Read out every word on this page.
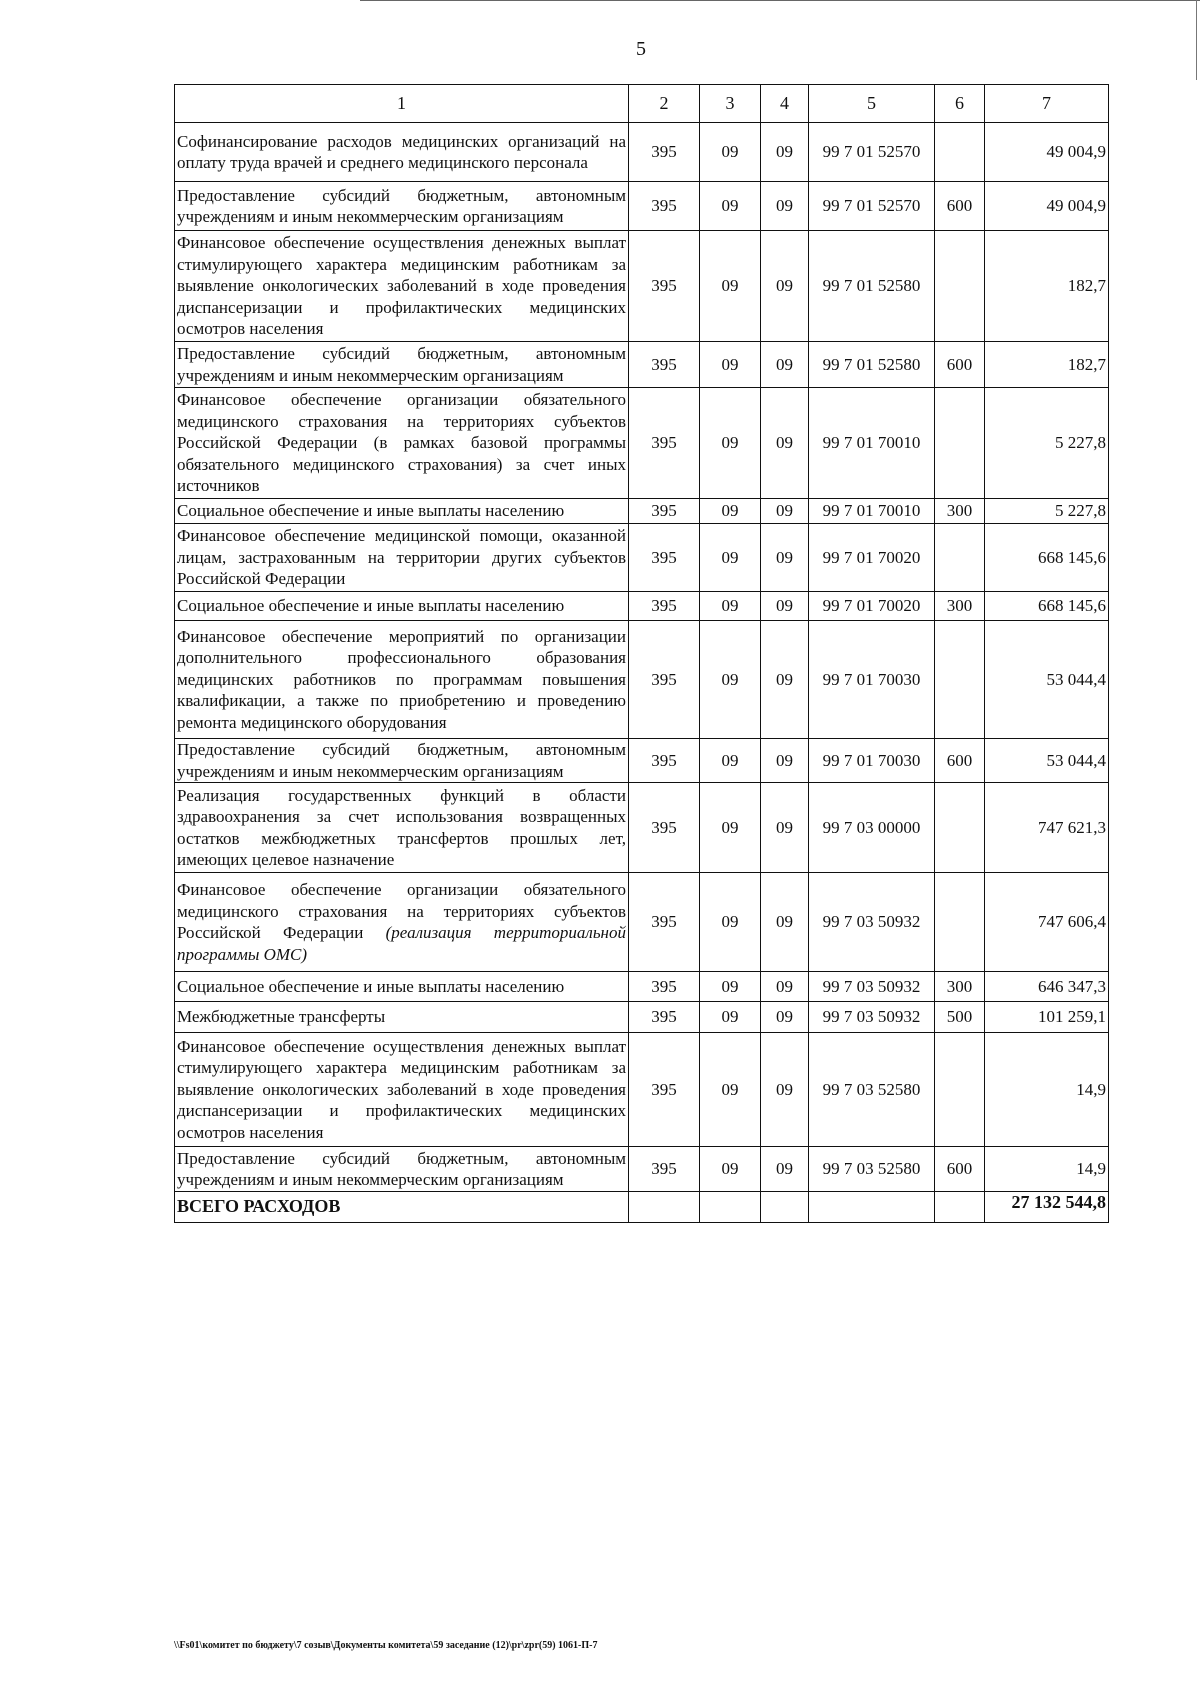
5
1	2	3	4	5	6	7
Софинансирование расходов медицинских организаций на оплату труда врачей и среднего медицинского персонала	395	09	09	99 7 01 52570		49 004,9
Предоставление субсидий бюджетным, автономным учреждениям и иным некоммерческим организациям	395	09	09	99 7 01 52570	600	49 004,9
Финансовое обеспечение осуществления денежных выплат стимулирующего характера медицинским работникам за выявление онкологических заболеваний в ходе проведения диспансеризации и профилактических медицинских осмотров населения	395	09	09	99 7 01 52580		182,7
Предоставление субсидий бюджетным, автономным учреждениям и иным некоммерческим организациям	395	09	09	99 7 01 52580	600	182,7
Финансовое обеспечение организации обязательного медицинского страхования на территориях субъектов Российской Федерации (в рамках базовой программы обязательного медицинского страхования) за счет иных источников	395	09	09	99 7 01 70010		5 227,8
Социальное обеспечение и иные выплаты населению	395	09	09	99 7 01 70010	300	5 227,8
Финансовое обеспечение медицинской помощи, оказанной лицам, застрахованным на территории других субъектов Российской Федерации	395	09	09	99 7 01 70020		668 145,6
Социальное обеспечение и иные выплаты населению	395	09	09	99 7 01 70020	300	668 145,6
Финансовое обеспечение мероприятий по организации дополнительного профессионального образования медицинских работников по программам повышения квалификации, а также по приобретению и проведению ремонта медицинского оборудования	395	09	09	99 7 01 70030		53 044,4
Предоставление субсидий бюджетным, автономным учреждениям и иным некоммерческим организациям	395	09	09	99 7 01 70030	600	53 044,4
Реализация государственных функций в области здравоохранения за счет использования возвращенных остатков межбюджетных трансфертов прошлых лет, имеющих целевое назначение	395	09	09	99 7 03 00000		747 621,3
Финансовое обеспечение организации обязательного медицинского страхования на территориях субъектов Российской Федерации (реализация территориальной программы ОМС)	395	09	09	99 7 03 50932		747 606,4
Социальное обеспечение и иные выплаты населению	395	09	09	99 7 03 50932	300	646 347,3
Межбюджетные трансферты	395	09	09	99 7 03 50932	500	101 259,1
Финансовое обеспечение осуществления денежных выплат стимулирующего характера медицинским работникам за выявление онкологических заболеваний в ходе проведения диспансеризации и профилактических медицинских осмотров населения	395	09	09	99 7 03 52580		14,9
Предоставление субсидий бюджетным, автономным учреждениям и иным некоммерческим организациям	395	09	09	99 7 03 52580	600	14,9
ВСЕГО РАСХОДОВ						27 132 544,8
\\Fs01\комитет по бюджету\7 созыв\Документы комитета\59 заседание (12)\pr\zpr(59) 1061-П-7
